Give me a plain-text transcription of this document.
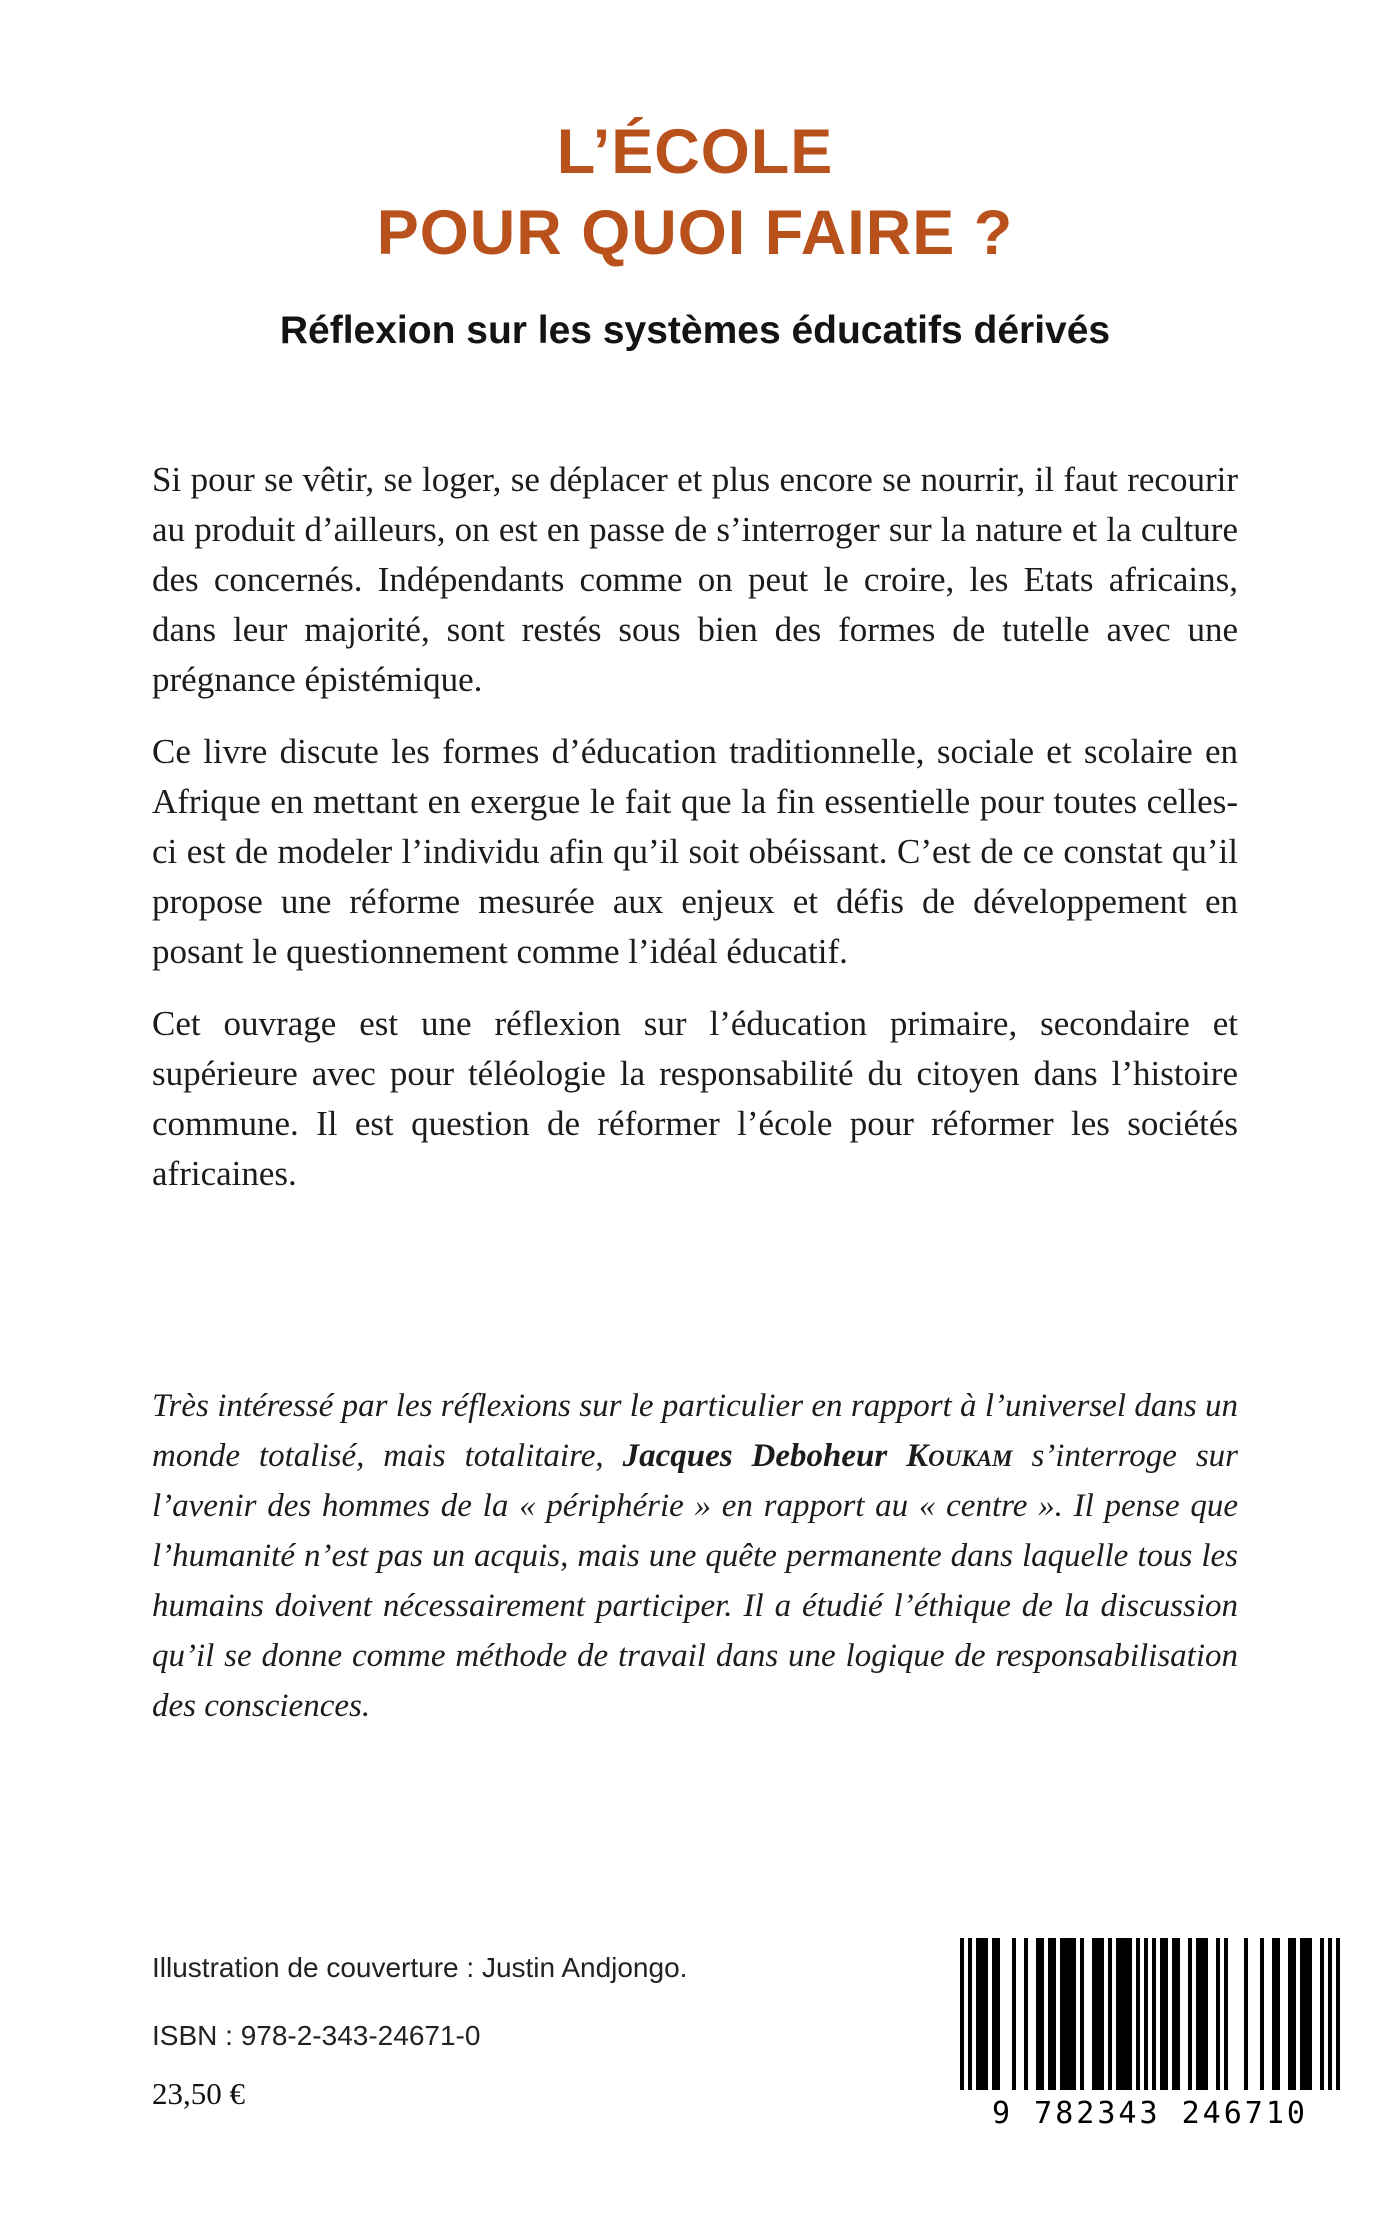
L’ÉCOLE
POUR QUOI FAIRE ?
Réflexion sur les systèmes éducatifs dérivés

Si pour se vêtir, se loger, se déplacer et plus encore se nourrir, il faut recourir au produit d’ailleurs, on est en passe de s’interroger sur la nature et la culture des concernés. Indépendants comme on peut le croire, les Etats africains, dans leur majorité, sont restés sous bien des formes de tutelle avec une prégnance épistémique.

Ce livre discute les formes d’éducation traditionnelle, sociale et scolaire en Afrique en mettant en exergue le fait que la fin essentielle pour toutes celles-ci est de modeler l’individu afin qu’il soit obéissant. C’est de ce constat qu’il propose une réforme mesurée aux enjeux et défis de développement en posant le questionnement comme l’idéal éducatif.

Cet ouvrage est une réflexion sur l’éducation primaire, secondaire et supérieure avec pour téléologie la responsabilité du citoyen dans l’histoire commune. Il est question de réformer l’école pour réformer les sociétés africaines.

Très intéressé par les réflexions sur le particulier en rapport à l’universel dans un monde totalisé, mais totalitaire, Jacques Deboheur Koukam s’interroge sur l’avenir des hommes de la « périphérie » en rapport au « centre ». Il pense que l’humanité n’est pas un acquis, mais une quête permanente dans laquelle tous les humains doivent nécessairement participer. Il a étudié l’éthique de la discussion qu’il se donne comme méthode de travail dans une logique de responsabilisation des consciences.

Illustration de couverture : Justin Andjongo.
ISBN : 978-2-343-24671-0
23,50 €
9 782343 246710
